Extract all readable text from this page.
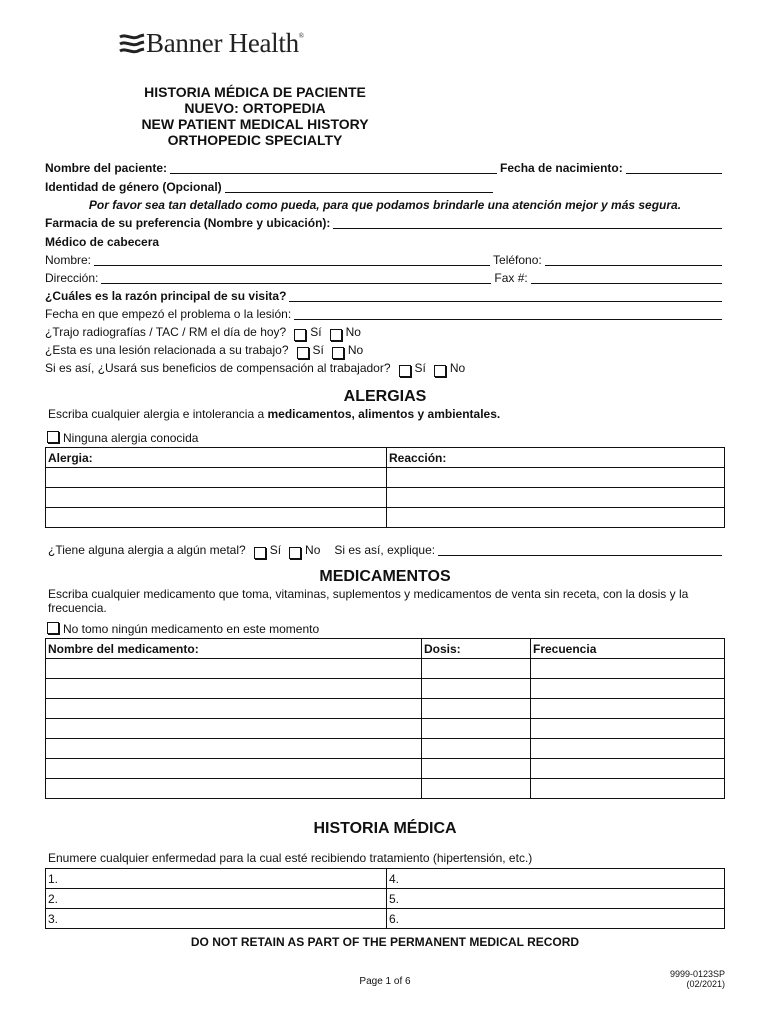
Banner Health®
HISTORIA MÉDICA DE PACIENTE
NUEVO: ORTOPEDIA
NEW PATIENT MEDICAL HISTORY
ORTHOPEDIC SPECIALTY
Nombre del paciente:	Fecha de nacimiento:
Identidad de género (Opcional)
Por favor sea tan detallado como pueda, para que podamos brindarle una atención mejor y más segura.
Farmacia de su preferencia (Nombre y ubicación):
Médico de cabecera
Nombre:	Teléfono:
Dirección:	Fax #:
¿Cuáles es la razón principal de su visita?
Fecha en que empezó el problema o la lesión:
¿Trajo radiografías / TAC / RM el día de hoy? Sí No
¿Esta es una lesión relacionada a su trabajo? Sí No
Si es así, ¿Usará sus beneficios de compensación al trabajador? Sí No
ALERGIAS
Escriba cualquier alergia e intolerancia a medicamentos, alimentos y ambientales.
Ninguna alergia conocida
Alergia:	Reacción:

¿Tiene alguna alergia a algún metal? Sí No Si es así, explique:
MEDICAMENTOS
Escriba cualquier medicamento que toma, vitaminas, suplementos y medicamentos de venta sin receta, con la dosis y la frecuencia.
No tomo ningún medicamento en este momento
Nombre del medicamento:	Dosis:	Frecuencia

HISTORIA MÉDICA
Enumere cualquier enfermedad para la cual esté recibiendo tratamiento (hipertensión, etc.)
1.	4.
2.	5.
3.	6.
DO NOT RETAIN AS PART OF THE PERMANENT MEDICAL RECORD
Page 1 of 6
9999-0123SP
(02/2021)
